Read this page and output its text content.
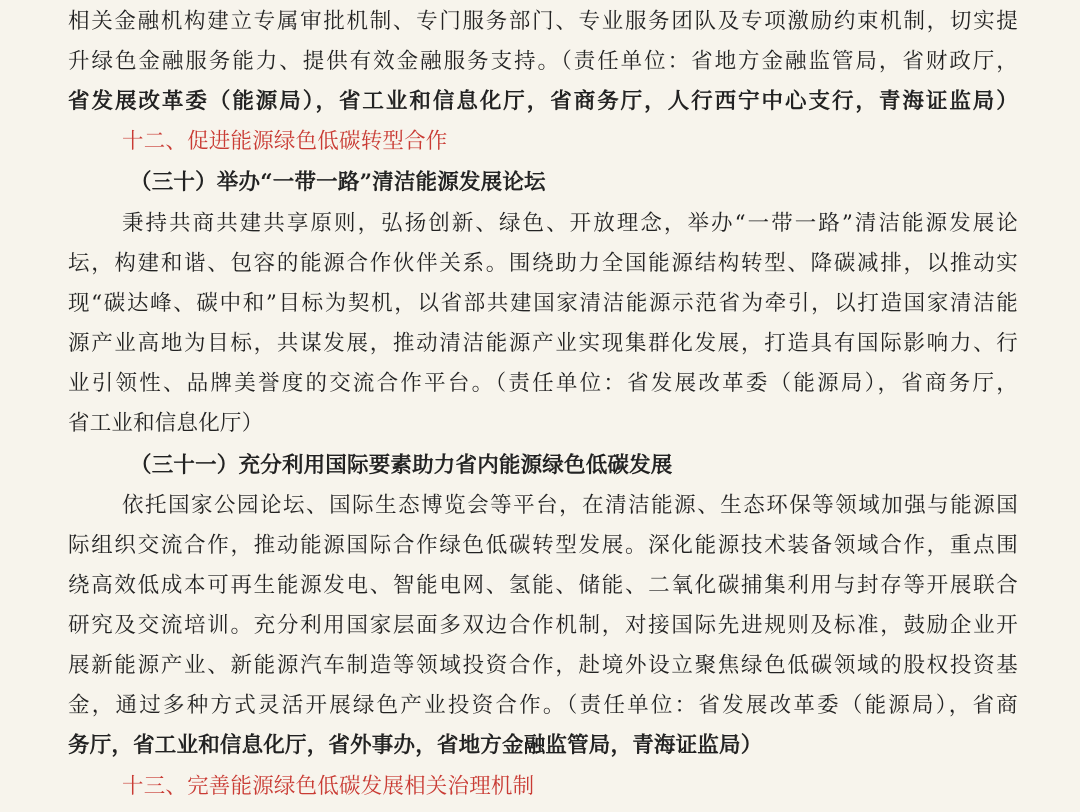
相关金融机构建立专属审批机制、专门服务部门、专业服务团队及专项激励约束机制，切实提
升绿色金融服务能力、提供有效金融服务支持。（责任单位：省地方金融监管局，省财政厅，
省发展改革委（能源局），省工业和信息化厅，省商务厅，人行西宁中心支行，青海证监局）
十二、促进能源绿色低碳转型合作
（三十）举办“一带一路”清洁能源发展论坛
秉持共商共建共享原则，弘扬创新、绿色、开放理念，举办“一带一路”清洁能源发展论
坛，构建和谐、包容的能源合作伙伴关系。围绕助力全国能源结构转型、降碳减排，以推动实
现“碳达峰、碳中和”目标为契机，以省部共建国家清洁能源示范省为牵引，以打造国家清洁能
源产业高地为目标，共谋发展，推动清洁能源产业实现集群化发展，打造具有国际影响力、行
业引领性、品牌美誉度的交流合作平台。（责任单位：省发展改革委（能源局），省商务厅，
省工业和信息化厅）
（三十一）充分利用国际要素助力省内能源绿色低碳发展
依托国家公园论坛、国际生态博览会等平台，在清洁能源、生态环保等领域加强与能源国
际组织交流合作，推动能源国际合作绿色低碳转型发展。深化能源技术装备领域合作，重点围
绕高效低成本可再生能源发电、智能电网、氢能、储能、二氧化碳捕集利用与封存等开展联合
研究及交流培训。充分利用国家层面多双边合作机制，对接国际先进规则及标准，鼓励企业开
展新能源产业、新能源汽车制造等领域投资合作，赴境外设立聚焦绿色低碳领域的股权投资基
金，通过多种方式灵活开展绿色产业投资合作。（责任单位：省发展改革委（能源局），省商
务厅，省工业和信息化厅，省外事办，省地方金融监管局，青海证监局）
十三、完善能源绿色低碳发展相关治理机制
